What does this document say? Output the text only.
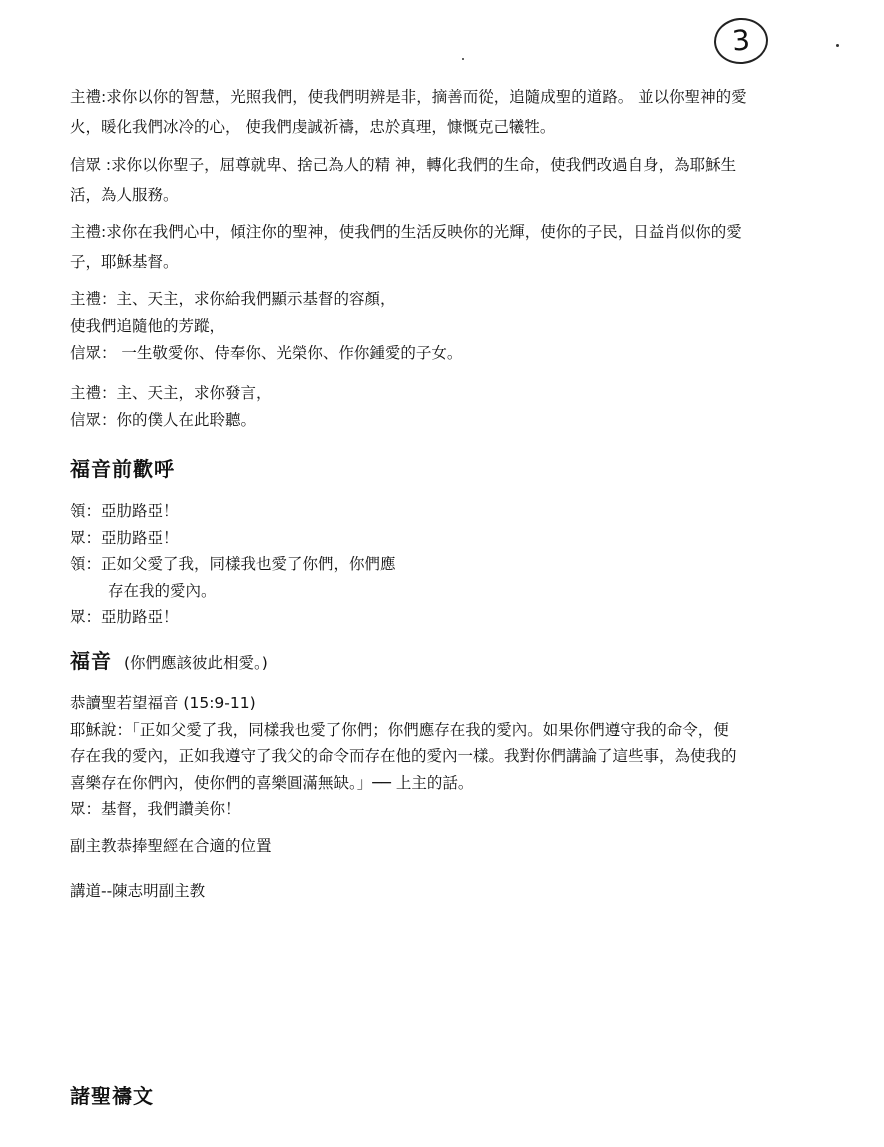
3
主禮:求你以你的智慧，光照我們，使我們明辨是非，摘善而從，追隨成聖的道路。 並以你聖神的愛
火，暖化我們冰冷的心， 使我們虔誠祈禱，忠於真理，慷慨克己犧牲。
信眾 :求你以你聖子，屈尊就卑、捨己為人的精 神，轉化我們的生命，使我們改過自身，為耶穌生
活，為人服務。
主禮:求你在我們心中，傾注你的聖神，使我們的生活反映你的光輝，使你的子民，日益肖似你的愛
子，耶穌基督。
主禮：主、天主，求你給我們顯示基督的容顏，
使我們追隨他的芳蹤，
信眾： 一生敬愛你、侍奉你、光榮你、作你鍾愛的子女。
主禮：主、天主，求你發言，
信眾：你的僕人在此聆聽。
福音前歡呼
領：亞肋路亞！
眾：亞肋路亞！
領：正如父愛了我，同樣我也愛了你們，你們應
存在我的愛內。
眾：亞肋路亞！
福音 (你們應該彼此相愛。)
恭讀聖若望福音 (15:9-11)
耶穌說：「正如父愛了我，同樣我也愛了你們；你們應存在我的愛內。如果你們遵守我的命令，便
存在我的愛內，正如我遵守了我父的命令而存在他的愛內一樣。我對你們講論了這些事，為使我的
喜樂存在你們內，使你們的喜樂圓滿無缺。」── 上主的話。
眾：基督，我們讚美你！
副主教恭捧聖經在合適的位置
講道--陳志明副主教
諸聖禱文
